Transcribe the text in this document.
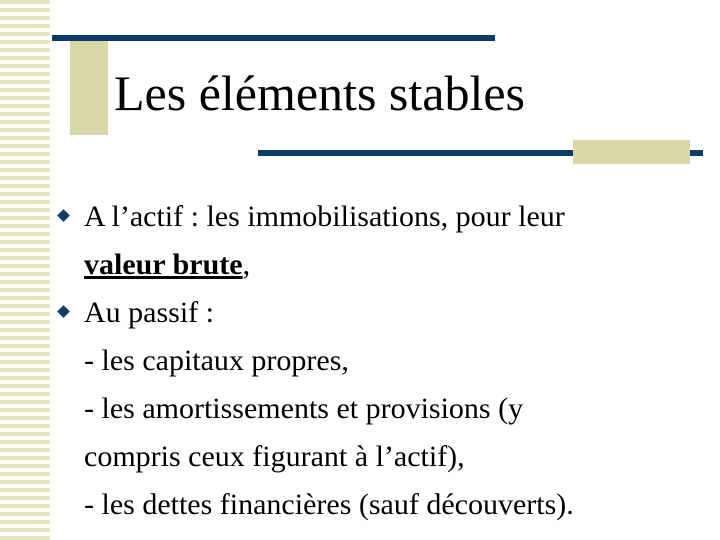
Les éléments stables
A l’actif : les immobilisations, pour leur
valeur brute,
Au passif :
- les capitaux propres,
- les amortissements et provisions (y
compris ceux figurant à l’actif),
- les dettes financières (sauf découverts).
